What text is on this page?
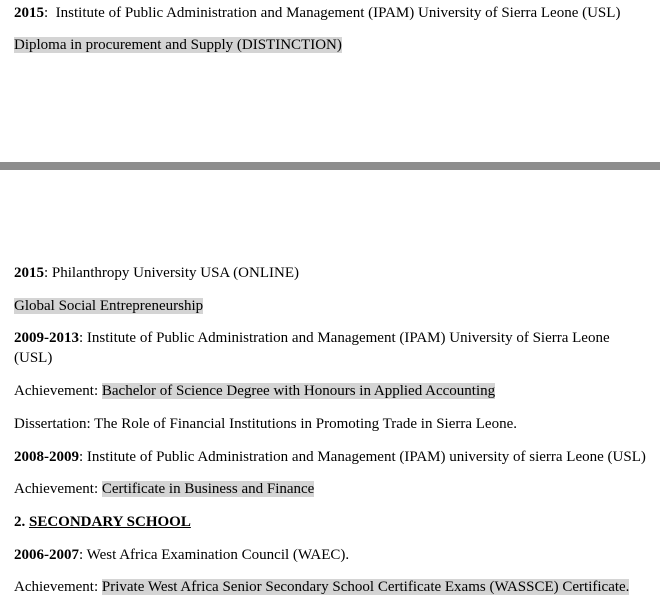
2015: Institute of Public Administration and Management (IPAM) University of Sierra Leone (USL)
Diploma in procurement and Supply (DISTINCTION)
2015: Philanthropy University USA (ONLINE)
Global Social Entrepreneurship
2009-2013: Institute of Public Administration and Management (IPAM) University of Sierra Leone (USL)
Achievement: Bachelor of Science Degree with Honours in Applied Accounting
Dissertation: The Role of Financial Institutions in Promoting Trade in Sierra Leone.
2008-2009: Institute of Public Administration and Management (IPAM) university of sierra Leone (USL)
Achievement: Certificate in Business and Finance
2. SECONDARY SCHOOL
2006-2007: West Africa Examination Council (WAEC).
Achievement: Private West Africa Senior Secondary School Certificate Exams (WASSCE) Certificate.
